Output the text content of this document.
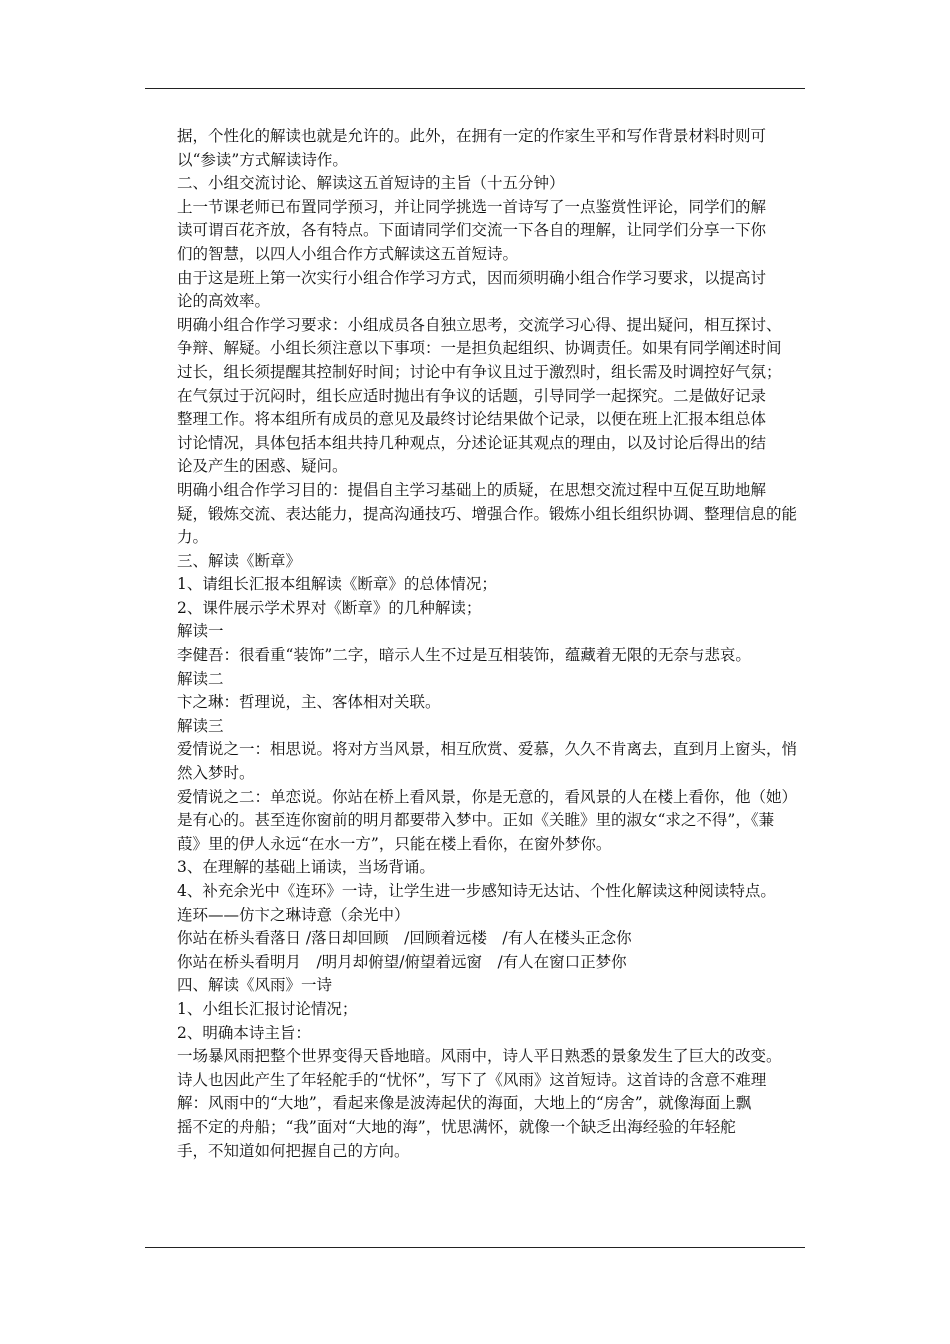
据，个性化的解读也就是允许的。此外，在拥有一定的作家生平和写作背景材料时则可
以“参读”方式解读诗作。
二、小组交流讨论、解读这五首短诗的主旨（十五分钟）
上一节课老师已布置同学预习，并让同学挑选一首诗写了一点鉴赏性评论，同学们的解
读可谓百花齐放，各有特点。下面请同学们交流一下各自的理解，让同学们分享一下你
们的智慧，以四人小组合作方式解读这五首短诗。
由于这是班上第一次实行小组合作学习方式，因而须明确小组合作学习要求，以提高讨
论的高效率。
明确小组合作学习要求：小组成员各自独立思考，交流学习心得、提出疑问，相互探讨、
争辩、解疑。小组长须注意以下事项：一是担负起组织、协调责任。如果有同学阐述时间
过长，组长须提醒其控制好时间；讨论中有争议且过于激烈时，组长需及时调控好气氛；
在气氛过于沉闷时，组长应适时抛出有争议的话题，引导同学一起探究。二是做好记录
整理工作。将本组所有成员的意见及最终讨论结果做个记录，以便在班上汇报本组总体
讨论情况，具体包括本组共持几种观点，分述论证其观点的理由，以及讨论后得出的结
论及产生的困惑、疑问。
明确小组合作学习目的：提倡自主学习基础上的质疑，在思想交流过程中互促互助地解
疑，锻炼交流、表达能力，提高沟通技巧、增强合作。锻炼小组长组织协调、整理信息的能
力。
三、解读《断章》
1、请组长汇报本组解读《断章》的总体情况；
2、课件展示学术界对《断章》的几种解读；
解读一
李健吾：很看重“装饰”二字，暗示人生不过是互相装饰，蕴藏着无限的无奈与悲哀。
解读二
卞之琳：哲理说，主、客体相对关联。
解读三
爱情说之一：相思说。将对方当风景，相互欣赏、爱慕，久久不肯离去，直到月上窗头，悄
然入梦时。
爱情说之二：单恋说。你站在桥上看风景，你是无意的，看风景的人在楼上看你，他（她）
是有心的。甚至连你窗前的明月都要带入梦中。正如《关睢》里的淑女“求之不得”，《蒹
葭》里的伊人永远“在水一方”，只能在楼上看你，在窗外梦你。
3、在理解的基础上诵读，当场背诵。
4、补充余光中《连环》一诗，让学生进一步感知诗无达诂、个性化解读这种阅读特点。
连环——仿卞之琳诗意（余光中）
你站在桥头看落日 /落日却回顾　/回顾着远楼　/有人在楼头正念你
你站在桥头看明月　/明月却俯望/俯望着远窗　/有人在窗口正梦你
四、解读《风雨》一诗
1、小组长汇报讨论情况；
2、明确本诗主旨：
一场暴风雨把整个世界变得天昏地暗。风雨中，诗人平日熟悉的景象发生了巨大的改变。
诗人也因此产生了年轻舵手的“忧怀”，写下了《风雨》这首短诗。这首诗的含意不难理
解：风雨中的“大地”，看起来像是波涛起伏的海面，大地上的“房舍”，就像海面上飘
摇不定的舟船；“我”面对“大地的海”，忧思满怀，就像一个缺乏出海经验的年轻舵
手，不知道如何把握自己的方向。
